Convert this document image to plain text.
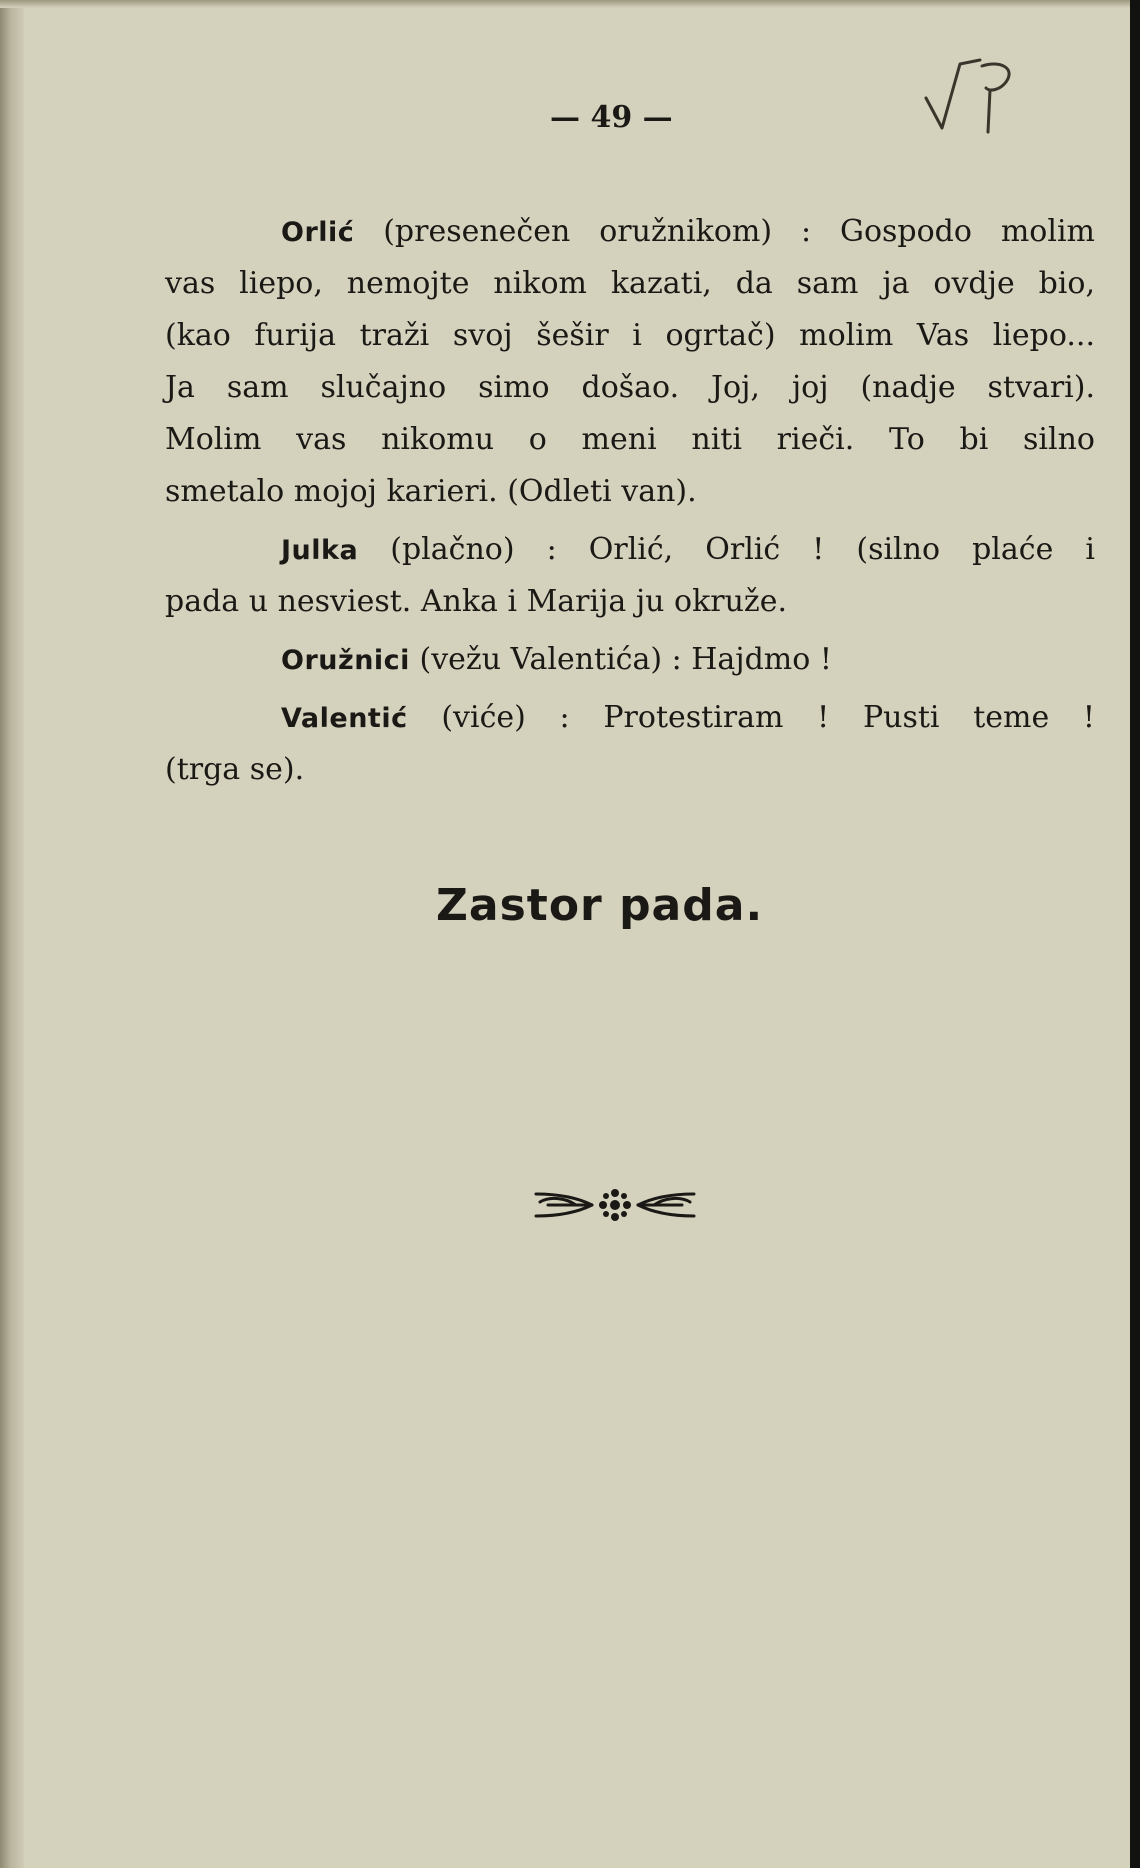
— 49 —
Orlić (presenečen oružnikom) : Gospodo molim
vas liepo, nemojte nikom kazati, da sam ja ovdje bio,
(kao furija traži svoj šešir i ogrtač) molim Vas liepo...
Ja sam slučajno simo došao. Joj, joj (nadje stvari).
Molim vas nikomu o meni niti rieči. To bi silno
smetalo mojoj karieri. (Odleti van).
Julka (plačno) : Orlić, Orlić ! (silno plaće i
pada u nesviest. Anka i Marija ju okruže.
Oružnici (vežu Valentića) : Hajdmo !
Valentić (viće) : Protestiram ! Pusti teme !
(trga se).
Zastor pada.
